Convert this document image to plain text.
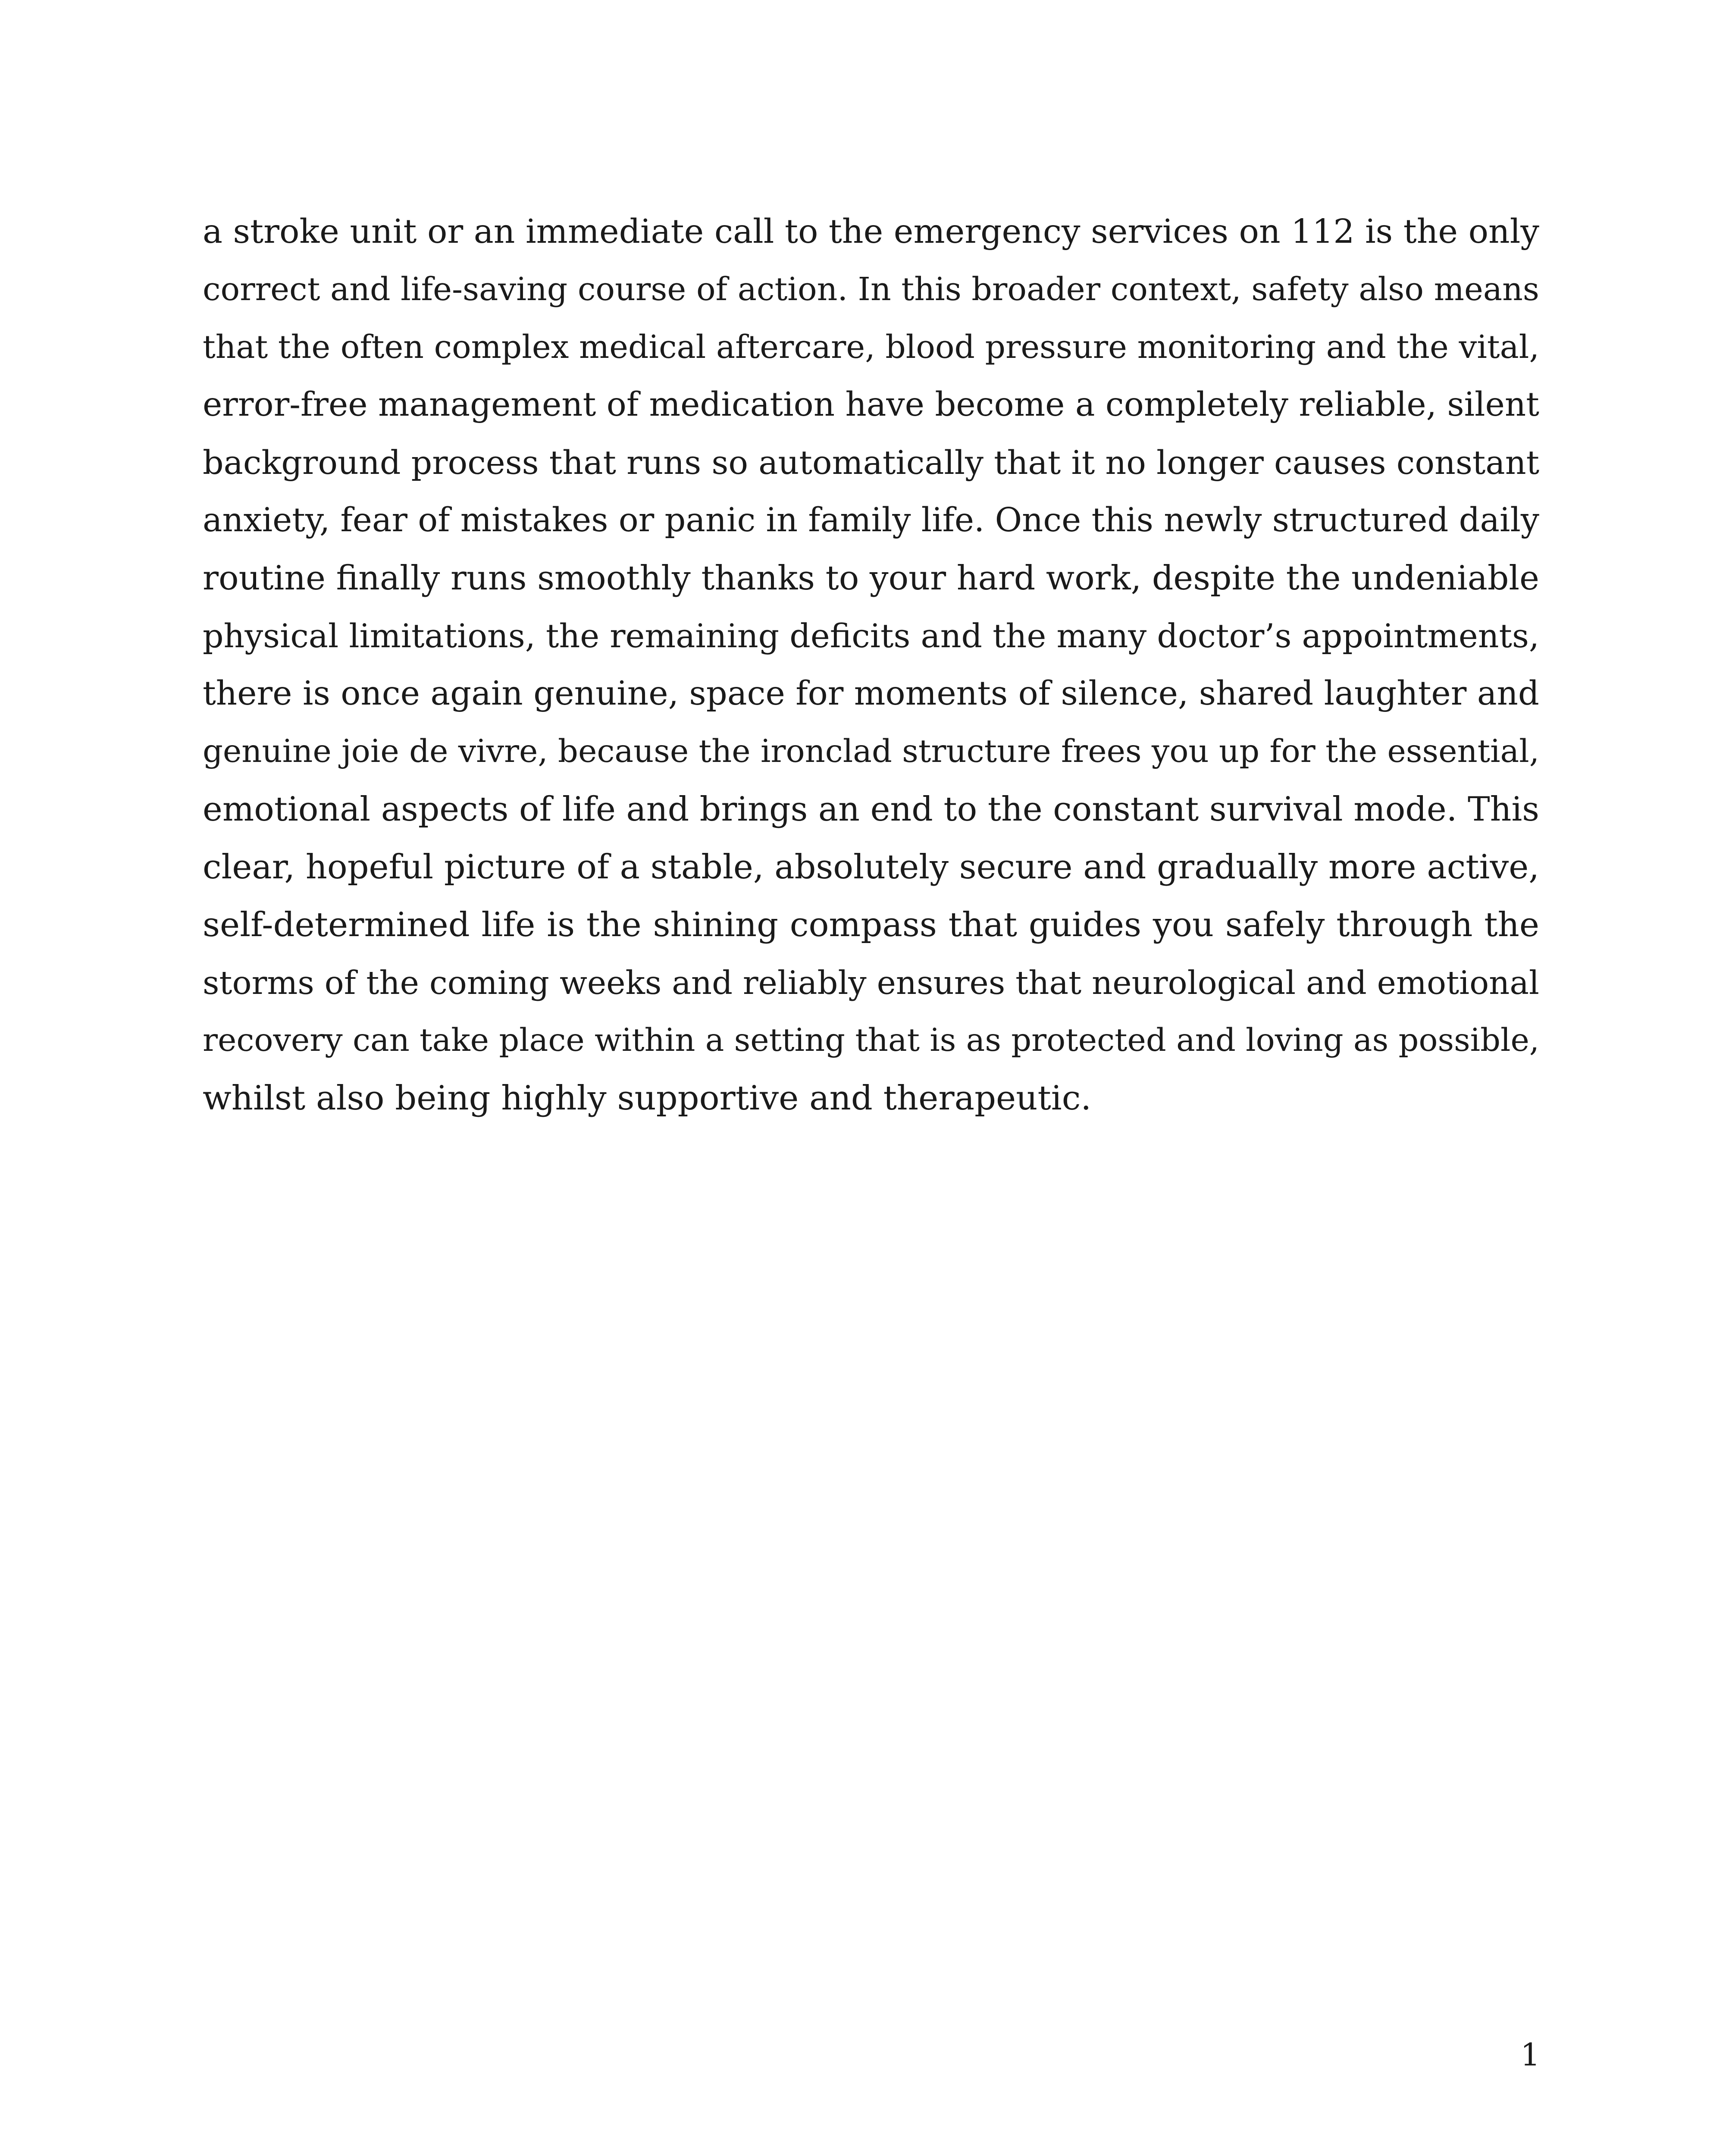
a stroke unit or an immediate call to the emergency services on 112 is the only
correct and life-saving course of action. In this broader context, safety also means
that the often complex medical aftercare, blood pressure monitoring and the vital,
error-free management of medication have become a completely reliable, silent
background process that runs so automatically that it no longer causes constant
anxiety, fear of mistakes or panic in family life. Once this newly structured daily
routine finally runs smoothly thanks to your hard work, despite the undeniable
physical limitations, the remaining deficits and the many doctor’s appointments,
there is once again genuine, space for moments of silence, shared laughter and
genuine joie de vivre, because the ironclad structure frees you up for the essential,
emotional aspects of life and brings an end to the constant survival mode. This
clear, hopeful picture of a stable, absolutely secure and gradually more active,
self-determined life is the shining compass that guides you safely through the
storms of the coming weeks and reliably ensures that neurological and emotional
recovery can take place within a setting that is as protected and loving as possible,
whilst also being highly supportive and therapeutic.

1
